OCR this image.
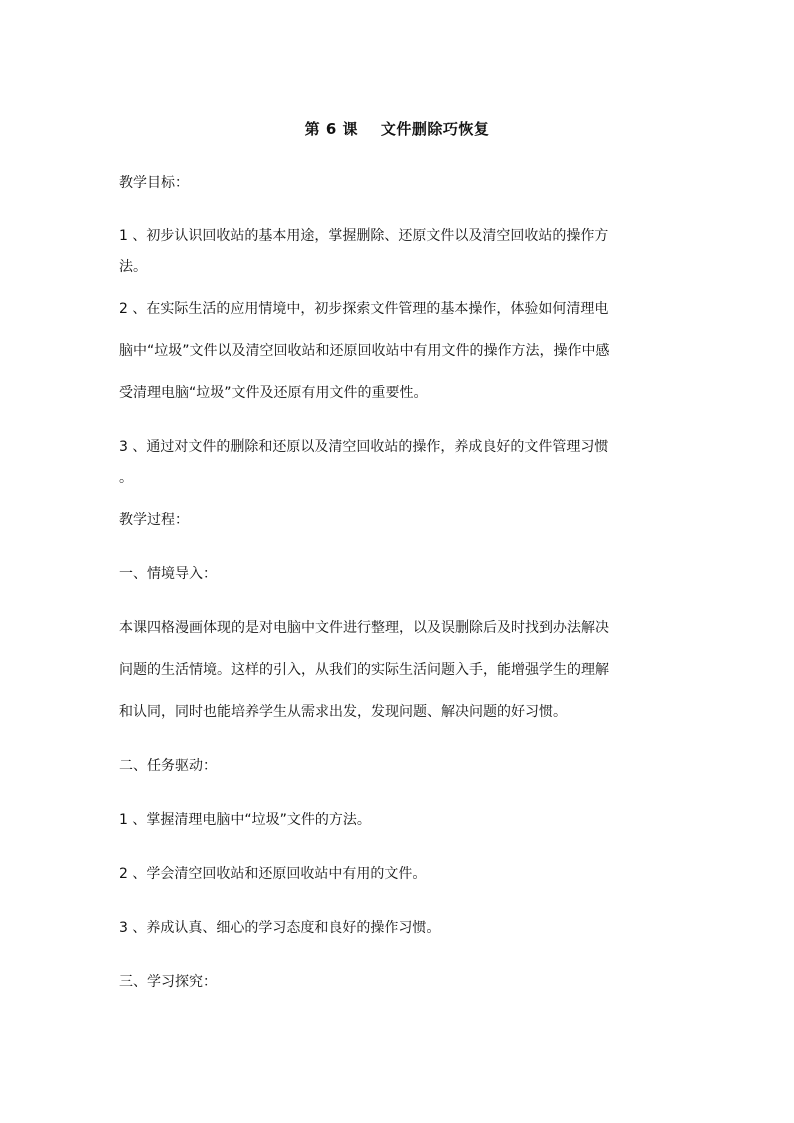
第 6 课    文件删除巧恢复
教学目标：
1 、初步认识回收站的基本用途，掌握删除、还原文件以及清空回收站的操作方
法。
2 、在实际生活的应用情境中，初步探索文件管理的基本操作，体验如何清理电
脑中“垃圾”文件以及清空回收站和还原回收站中有用文件的操作方法，操作中感
受清理电脑“垃圾”文件及还原有用文件的重要性。
3 、通过对文件的删除和还原以及清空回收站的操作，养成良好的文件管理习惯
。
教学过程：
一、情境导入：
本课四格漫画体现的是对电脑中文件进行整理，以及误删除后及时找到办法解决
问题的生活情境。这样的引入，从我们的实际生活问题入手，能增强学生的理解
和认同，同时也能培养学生从需求出发，发现问题、解决问题的好习惯。
二、任务驱动：
1 、掌握清理电脑中“垃圾”文件的方法。
2 、学会清空回收站和还原回收站中有用的文件。
3 、养成认真、细心的学习态度和良好的操作习惯。
三、学习探究：
